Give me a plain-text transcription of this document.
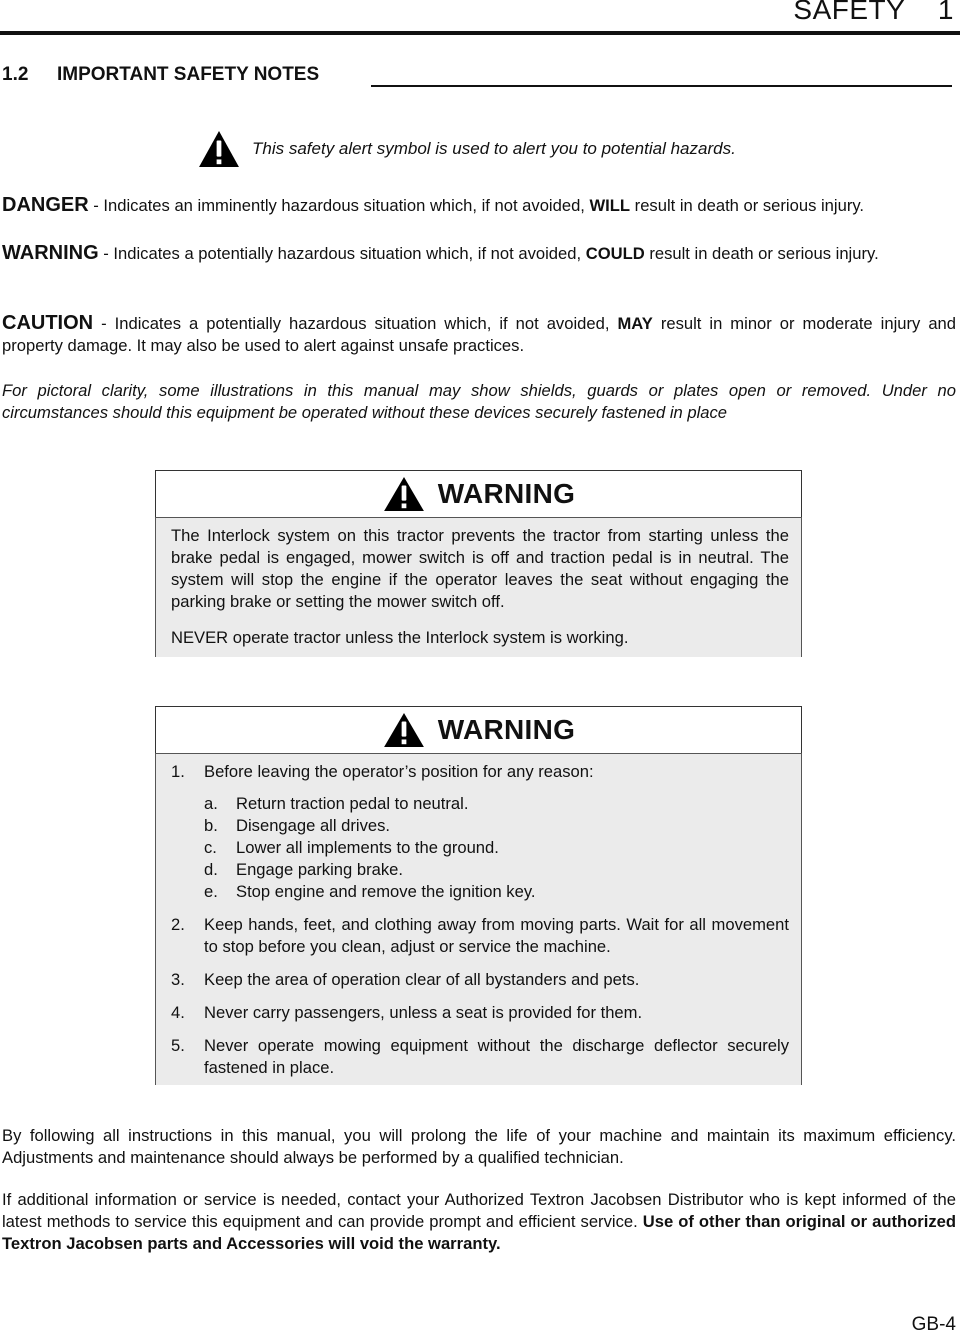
SAFETY    1
1.2 IMPORTANT SAFETY NOTES
This safety alert symbol is used to alert you to potential hazards.
DANGER - Indicates an imminently hazardous situation which, if not avoided, WILL result in death or serious injury.
WARNING - Indicates a potentially hazardous situation which, if not avoided, COULD result in death or serious injury.
CAUTION - Indicates a potentially hazardous situation which, if not avoided, MAY result in minor or moderate injury and property damage. It may also be used to alert against unsafe practices.
For pictoral clarity, some illustrations in this manual may show shields, guards or plates open or removed. Under no circumstances should this equipment be operated without these devices securely fastened in place
WARNING

The Interlock system on this tractor prevents the tractor from starting unless the brake pedal is engaged, mower switch is off and traction pedal is in neutral. The system will stop the engine if the operator leaves the seat without engaging the parking brake or setting the mower switch off.

NEVER operate tractor unless the Interlock system is working.

WARNING
1.	Before leaving the operator’s position for any reason:
a.	Return traction pedal to neutral.
b.	Disengage all drives.
c.	Lower all implements to the ground.
d.	Engage parking brake.
e.	Stop engine and remove the ignition key.
2.	Keep hands, feet, and clothing away from moving parts. Wait for all movement to stop before you clean, adjust or service the machine.
3.	Keep the area of operation clear of all bystanders and pets.
4.	Never carry passengers, unless a seat is provided for them.
5.	Never operate mowing equipment without the discharge deflector securely fastened in place.
By following all instructions in this manual, you will prolong the life of your machine and maintain its maximum efficiency. Adjustments and maintenance should always be performed by a qualified technician.
If additional information or service is needed, contact your Authorized Textron Jacobsen Distributor who is kept informed of the latest methods to service this equipment and can provide prompt and efficient service. Use of other than original or authorized Textron Jacobsen parts and Accessories will void the warranty.
GB-4
